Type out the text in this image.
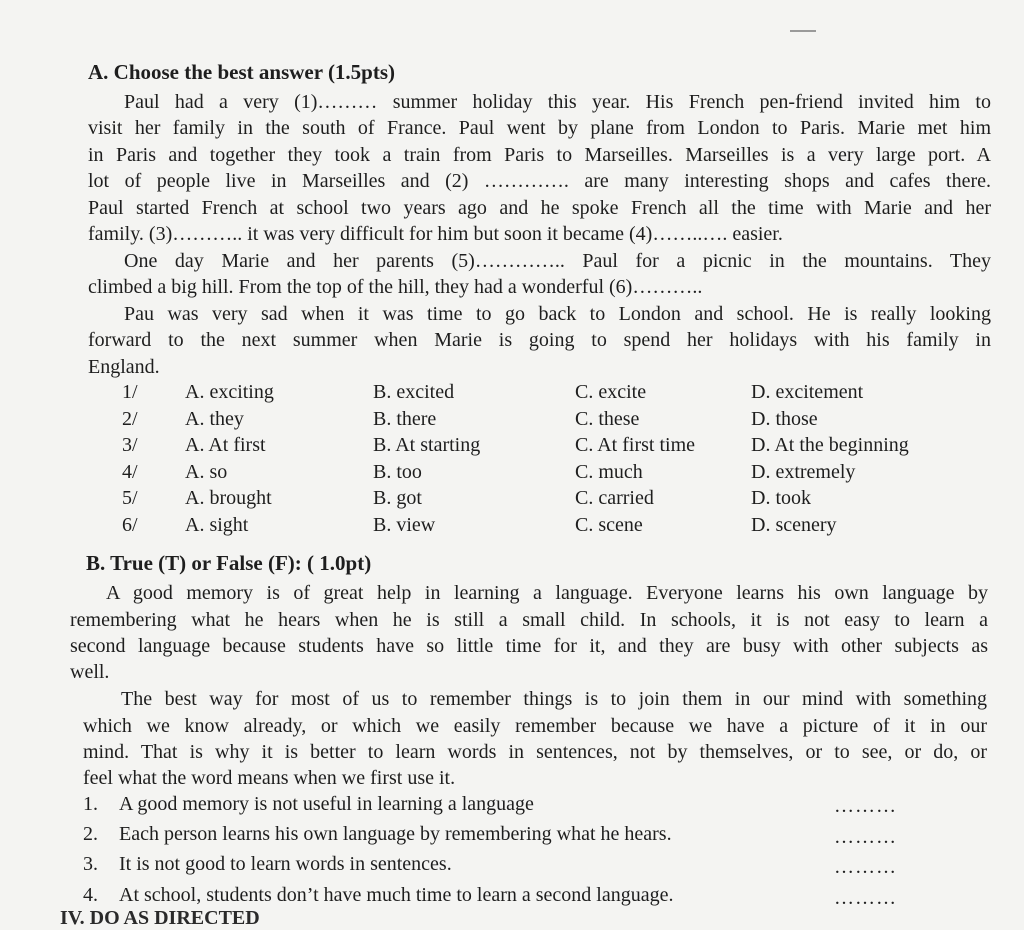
A. Choose the best answer (1.5pts)
Paul had a very (1)……… summer holiday this year. His French pen-friend invited him to
visit her family in the south of France. Paul went by plane from London to Paris. Marie met him
in Paris and together they took a train from Paris to Marseilles. Marseilles is a very large port. A
lot of people live in Marseilles and (2) …………. are many interesting shops and cafes there.
Paul started French at school two years ago and he spoke French all the time with Marie and her
family. (3)……….. it was very difficult for him but soon it became (4)……..…. easier.
One day Marie and her parents (5)………….. Paul for a picnic in the mountains. They
climbed a big hill. From the top of the hill, they had a wonderful (6)………..
Pau was very sad when it was time to go back to London and school. He is really looking
forward to the next summer when Marie is going to spend her holidays with his family in
England.
1/ A. exciting	B. excited	C. excite	D. excitement
2/ A. they	B. there	C. these	D. those
3/ A. At first	B. At starting	C. At first time	D. At the beginning
4/ A. so	B. too	C. much	D. extremely
5/ A. brought	B. got	C. carried	D. took
6/ A. sight	B. view	C. scene	D. scenery
B. True (T) or False (F): ( 1.0pt)
A good memory is of great help in learning a language. Everyone learns his own language by
remembering what he hears when he is still a small child. In schools, it is not easy to learn a
second language because students have so little time for it, and they are busy with other subjects as
well.
The best way for most of us to remember things is to join them in our mind with something
which we know already, or which we easily remember because we have a picture of it in our
mind. That is why it is better to learn words in sentences, not by themselves, or to see, or do, or
feel what the word means when we first use it.
1. A good memory is not useful in learning a language	………
2. Each person learns his own language by remembering what he hears.	………
3. It is not good to learn words in sentences.	………
4. At school, students don’t have much time to learn a second language.	………
IV. DO AS DIRECTED
